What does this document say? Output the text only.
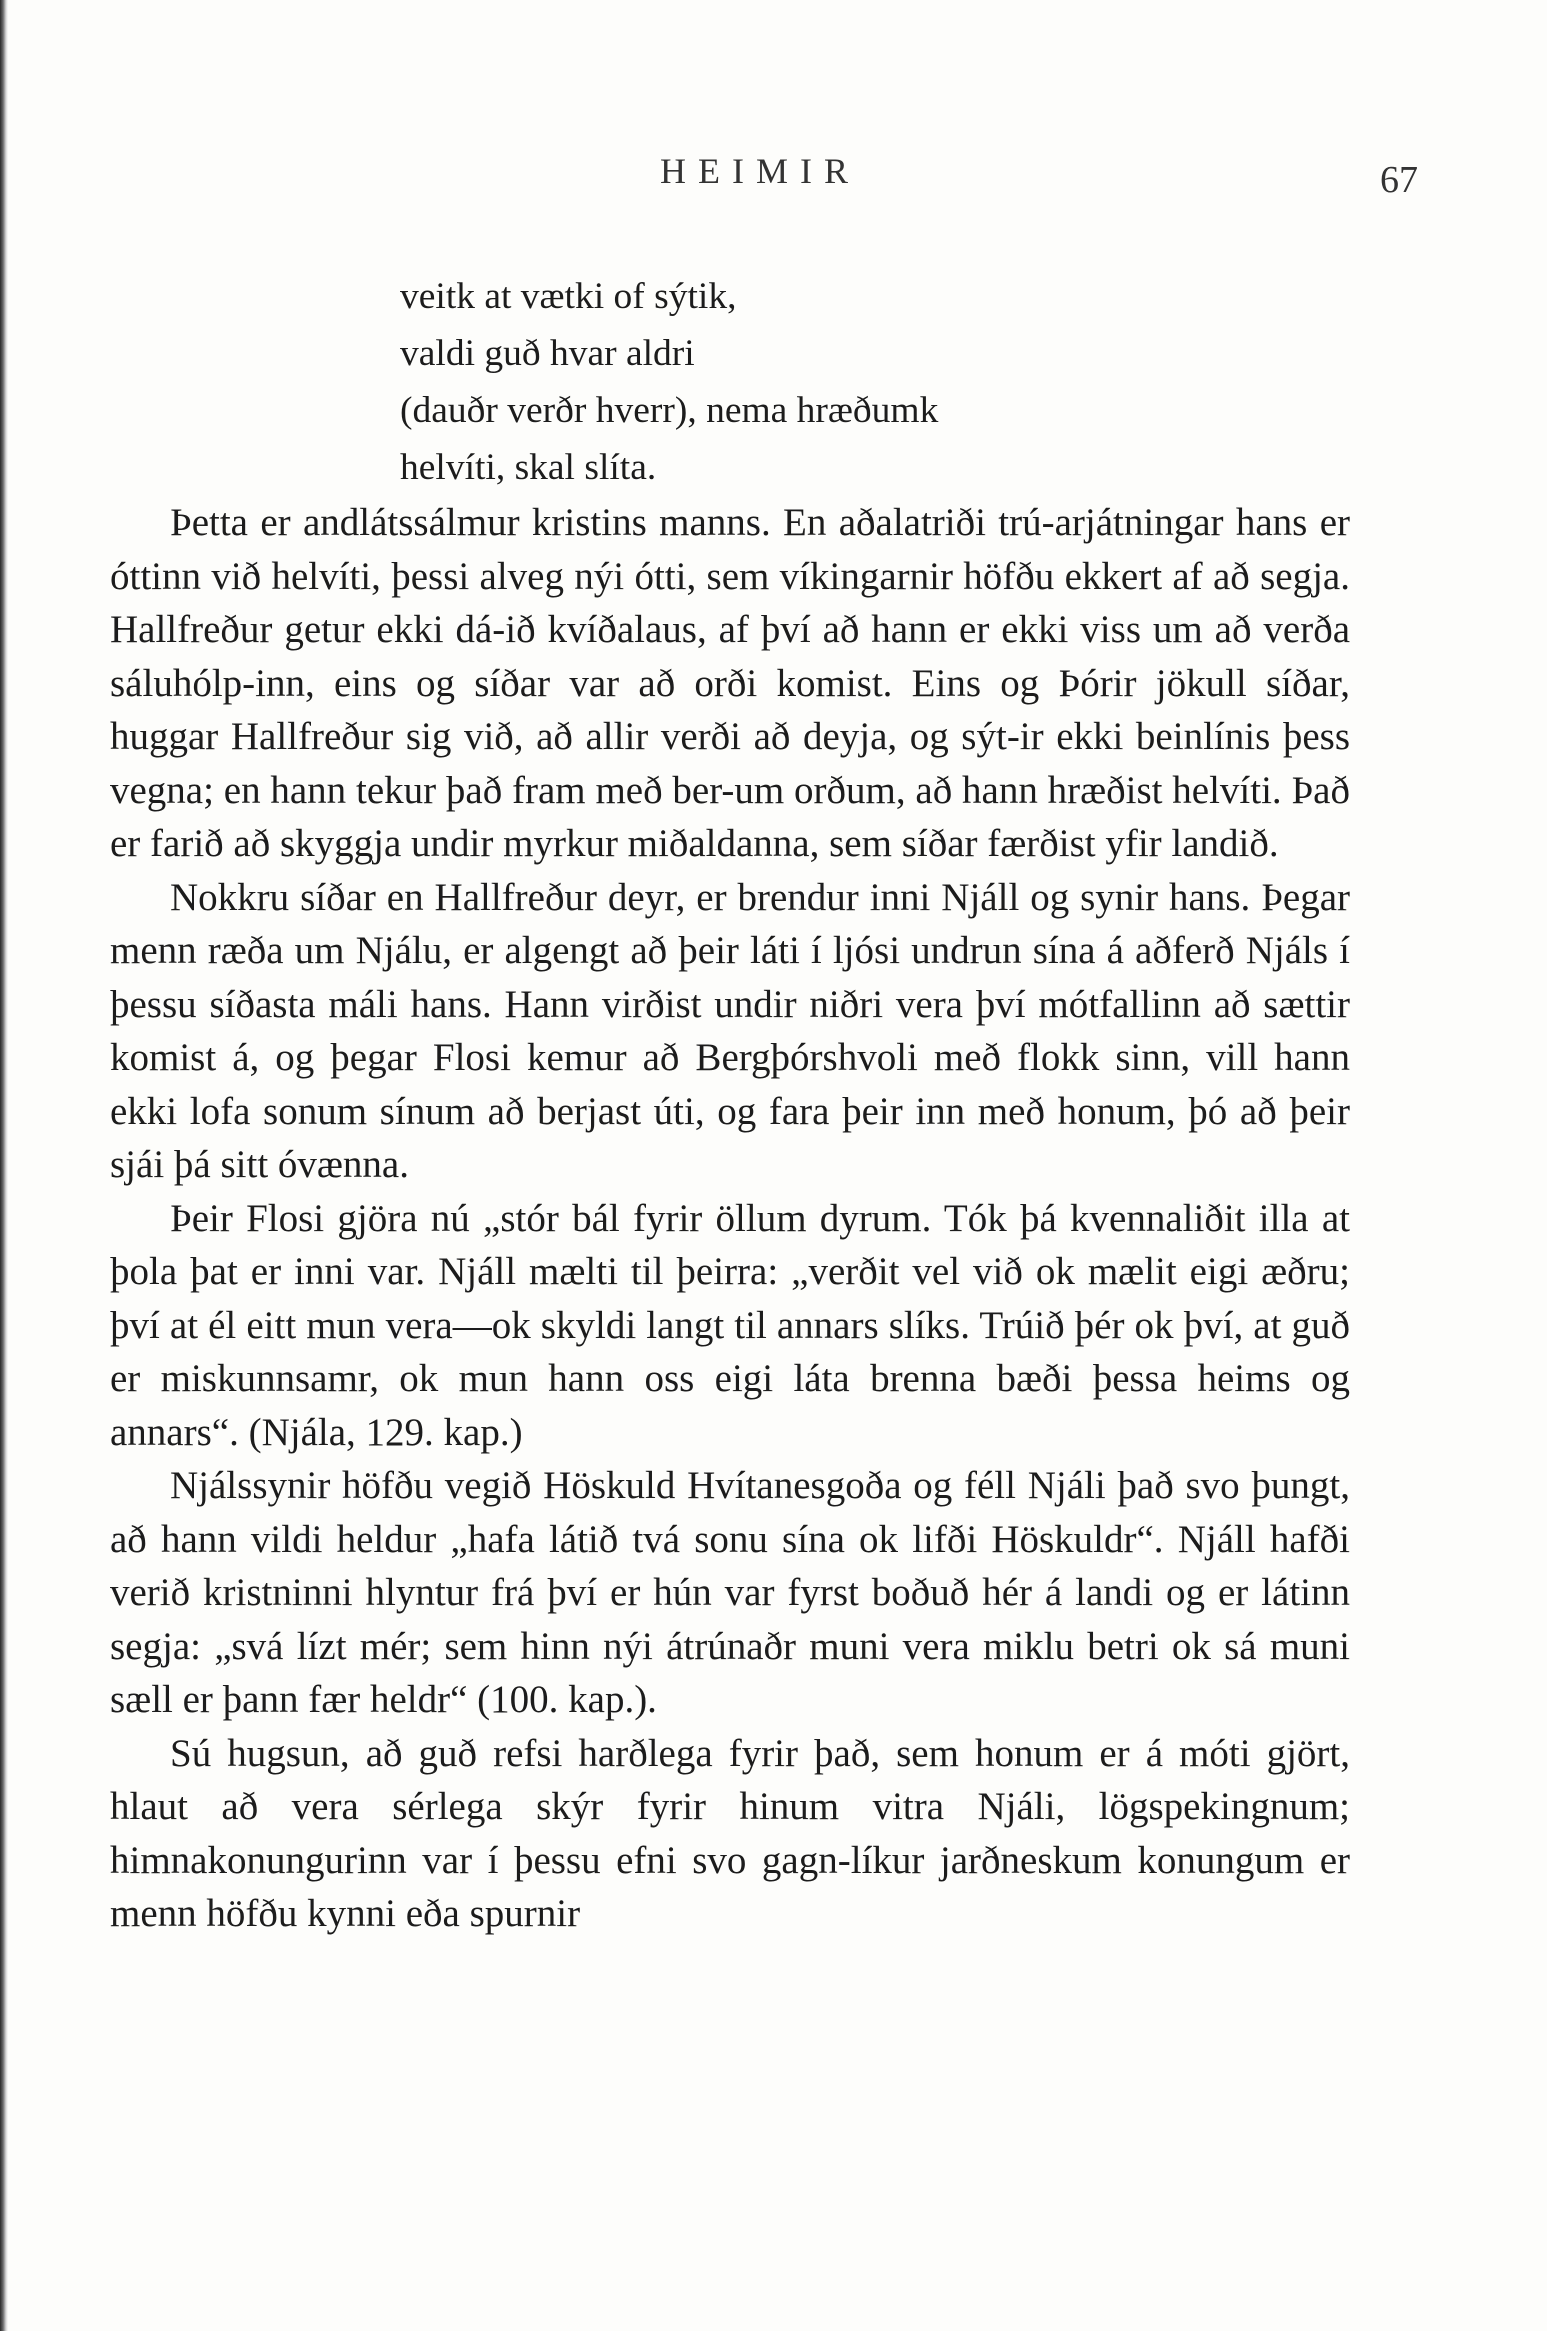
HEIMIR	67
veitk at vætki of sýtik,
valdi guð hvar aldri
(dauðr verðr hverr), nema hræðumk
helvíti, skal slíta.

Þetta er andlátssálmur kristins manns. En aðalatriði trú-arjátningar hans er óttinn við helvíti, þessi alveg nýi ótti, sem víkingarnir höfðu ekkert af að segja. Hallfreður getur ekki dá-ið kvíðalaus, af því að hann er ekki viss um að verða sáluhólp-inn, eins og síðar var að orði komist. Eins og Þórir jökull síðar, huggar Hallfreður sig við, að allir verði að deyja, og sýt-ir ekki beinlínis þess vegna; en hann tekur það fram með ber-um orðum, að hann hræðist helvíti. Það er farið að skyggja undir myrkur miðaldanna, sem síðar færðist yfir landið.

Nokkru síðar en Hallfreður deyr, er brendur inni Njáll og synir hans. Þegar menn ræða um Njálu, er algengt að þeir láti í ljósi undrun sína á aðferð Njáls í þessu síðasta máli hans. Hann virðist undir niðri vera því mótfallinn að sættir komist á, og þegar Flosi kemur að Bergþórshvoli með flokk sinn, vill hann ekki lofa sonum sínum að berjast úti, og fara þeir inn með honum, þó að þeir sjái þá sitt óvænna.

Þeir Flosi gjöra nú „stór bál fyrir öllum dyrum. Tók þá kvennaliðit illa at þola þat er inni var. Njáll mælti til þeirra: „verðit vel við ok mælit eigi æðru; því at él eitt mun vera—ok skyldi langt til annars slíks. Trúið þér ok því, at guð er miskunnsamr, ok mun hann oss eigi láta brenna bæði þessa heims og annars“. (Njála, 129. kap.)

Njálssynir höfðu vegið Höskuld Hvítanesgoða og féll Njáli það svo þungt, að hann vildi heldur „hafa látið tvá sonu sína ok lifði Höskuldr“. Njáll hafði verið kristninni hlyntur frá því er hún var fyrst boðuð hér á landi og er látinn segja: „svá lízt mér; sem hinn nýi átrúnaðr muni vera miklu betri ok sá muni sæll er þann fær heldr“ (100. kap.).

Sú hugsun, að guð refsi harðlega fyrir það, sem honum er á móti gjört, hlaut að vera sérlega skýr fyrir hinum vitra Njáli, lögspekingnum; himnakonungurinn var í þessu efni svo gagn-líkur jarðneskum konungum er menn höfðu kynni eða spurnir
